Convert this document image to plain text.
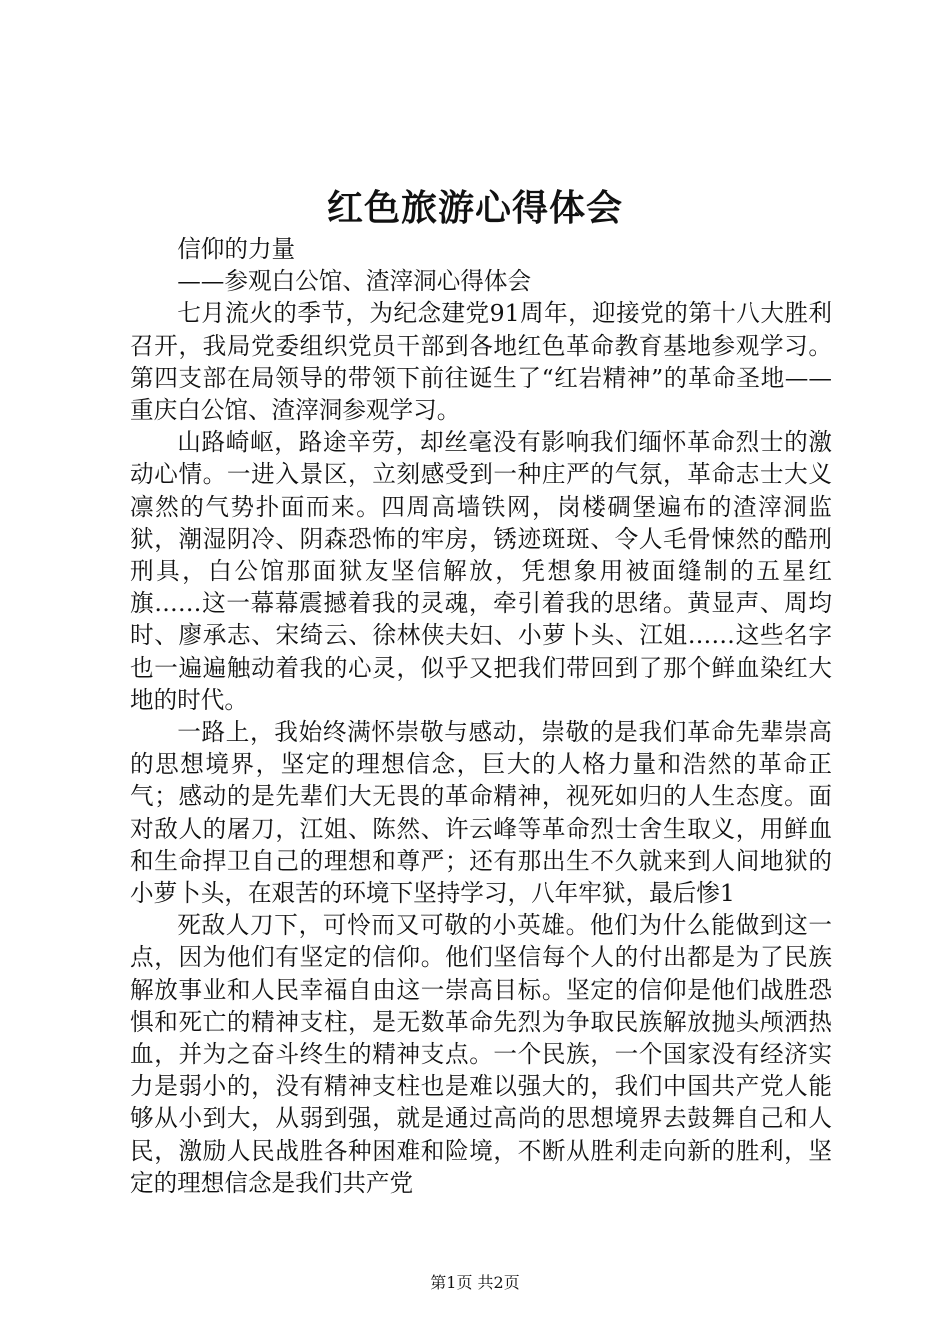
红色旅游心得体会

信仰的力量

——参观白公馆、渣滓洞心得体会

七月流火的季节，为纪念建党91周年，迎接党的第十八大胜利召开，我局党委组织党员干部到各地红色革命教育基地参观学习。第四支部在局领导的带领下前往诞生了“红岩精神”的革命圣地——重庆白公馆、渣滓洞参观学习。

山路崎岖，路途辛劳，却丝毫没有影响我们缅怀革命烈士的激动心情。一进入景区，立刻感受到一种庄严的气氛，革命志士大义凛然的气势扑面而来。四周高墙铁网，岗楼碉堡遍布的渣滓洞监狱，潮湿阴冷、阴森恐怖的牢房，锈迹斑斑、令人毛骨悚然的酷刑刑具，白公馆那面狱友坚信解放，凭想象用被面缝制的五星红旗……这一幕幕震撼着我的灵魂，牵引着我的思绪。黄显声、周均时、廖承志、宋绮云、徐林侠夫妇、小萝卜头、江姐……这些名字也一遍遍触动着我的心灵，似乎又把我们带回到了那个鲜血染红大地的时代。

一路上，我始终满怀崇敬与感动，崇敬的是我们革命先辈崇高的思想境界，坚定的理想信念，巨大的人格力量和浩然的革命正气；感动的是先辈们大无畏的革命精神，视死如归的人生态度。面对敌人的屠刀，江姐、陈然、许云峰等革命烈士舍生取义，用鲜血和生命捍卫自己的理想和尊严；还有那出生不久就来到人间地狱的小萝卜头，在艰苦的环境下坚持学习，八年牢狱，最后惨1

死敌人刀下，可怜而又可敬的小英雄。他们为什么能做到这一点，因为他们有坚定的信仰。他们坚信每个人的付出都是为了民族解放事业和人民幸福自由这一崇高目标。坚定的信仰是他们战胜恐惧和死亡的精神支柱，是无数革命先烈为争取民族解放抛头颅洒热血，并为之奋斗终生的精神支点。一个民族，一个国家没有经济实力是弱小的，没有精神支柱也是难以强大的，我们中国共产党人能够从小到大，从弱到强，就是通过高尚的思想境界去鼓舞自己和人民，激励人民战胜各种困难和险境，不断从胜利走向新的胜利，坚定的理想信念是我们共产党

第1页 共2页
